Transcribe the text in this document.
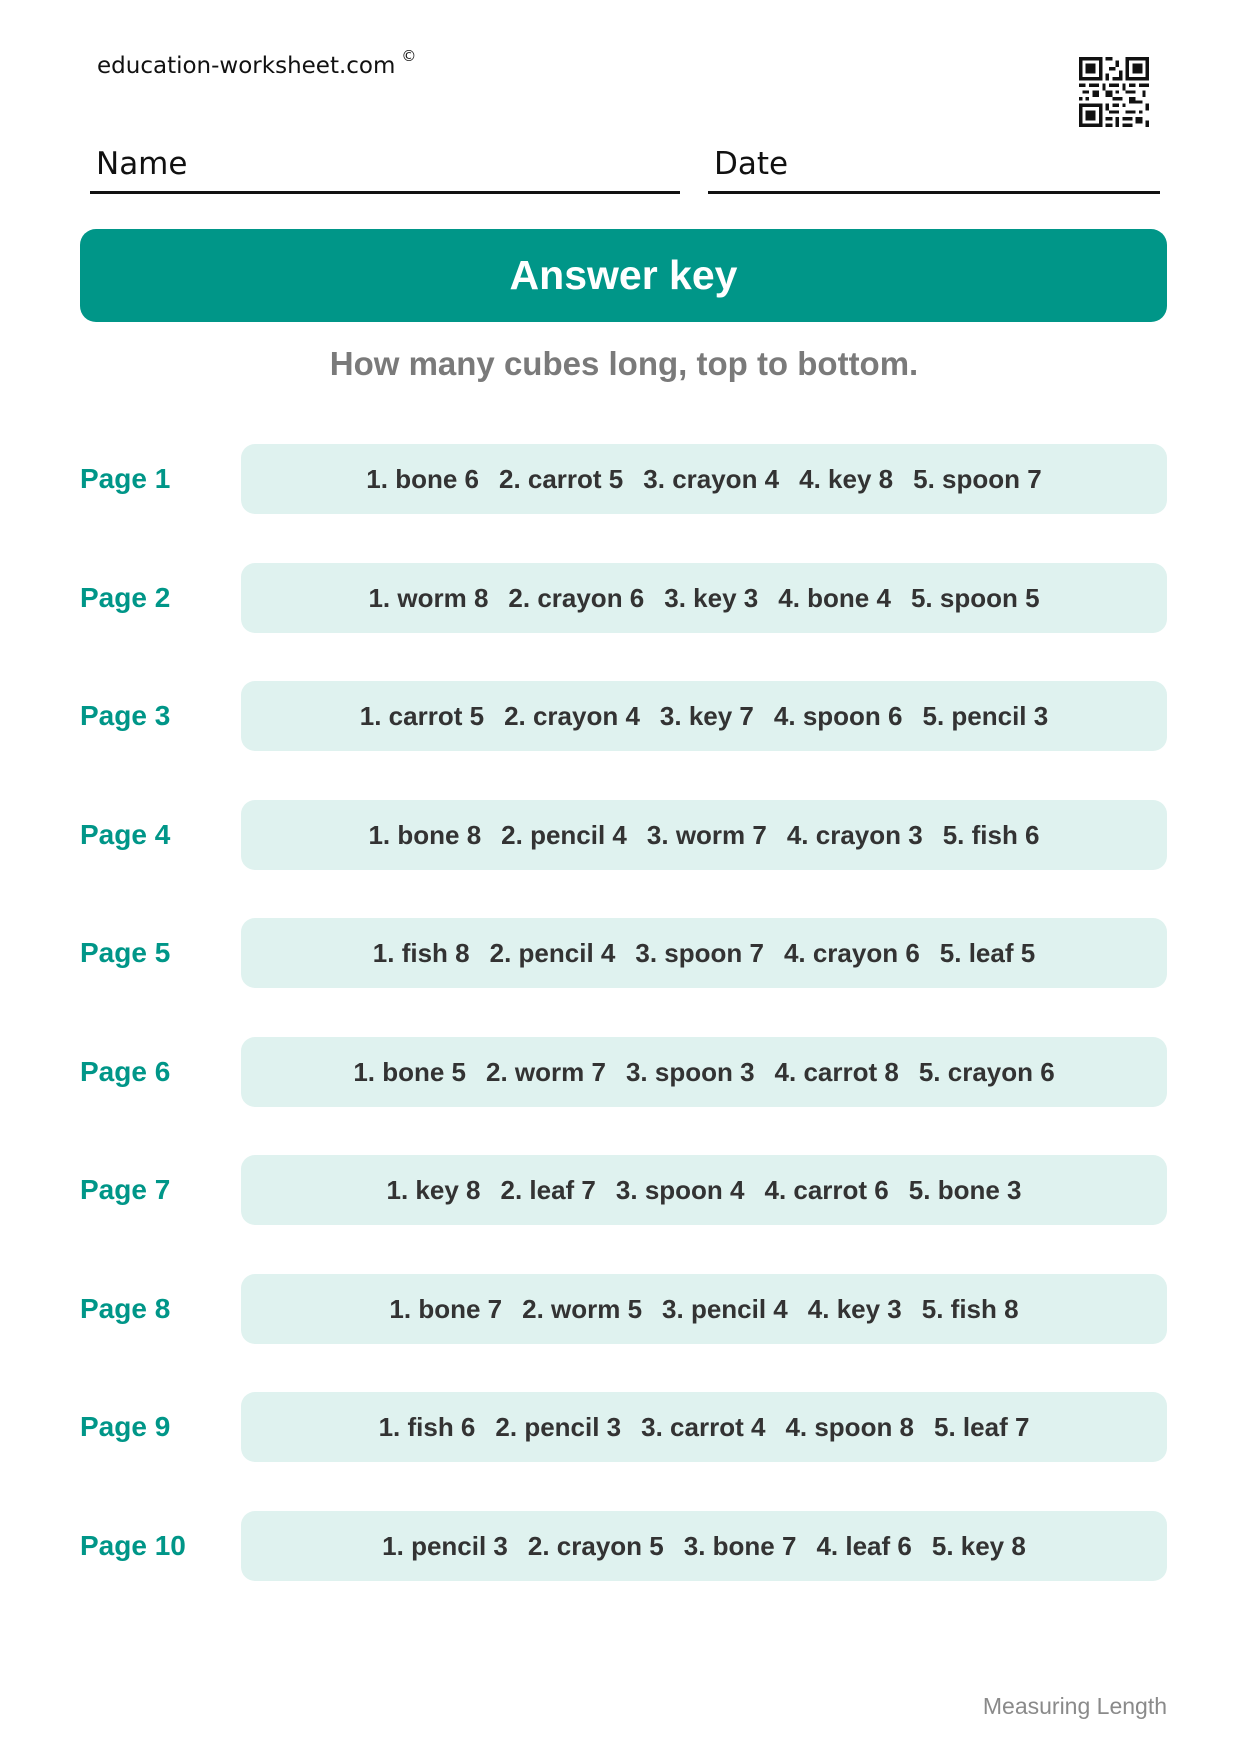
education-worksheet.com ©
Name	Date
Answer key
How many cubes long, top to bottom.
Page 1	1. bone 6 2. carrot 5 3. crayon 4 4. key 8 5. spoon 7
Page 2	1. worm 8 2. crayon 6 3. key 3 4. bone 4 5. spoon 5
Page 3	1. carrot 5 2. crayon 4 3. key 7 4. spoon 6 5. pencil 3
Page 4	1. bone 8 2. pencil 4 3. worm 7 4. crayon 3 5. fish 6
Page 5	1. fish 8 2. pencil 4 3. spoon 7 4. crayon 6 5. leaf 5
Page 6	1. bone 5 2. worm 7 3. spoon 3 4. carrot 8 5. crayon 6
Page 7	1. key 8 2. leaf 7 3. spoon 4 4. carrot 6 5. bone 3
Page 8	1. bone 7 2. worm 5 3. pencil 4 4. key 3 5. fish 8
Page 9	1. fish 6 2. pencil 3 3. carrot 4 4. spoon 8 5. leaf 7
Page 10	1. pencil 3 2. crayon 5 3. bone 7 4. leaf 6 5. key 8
Measuring Length
